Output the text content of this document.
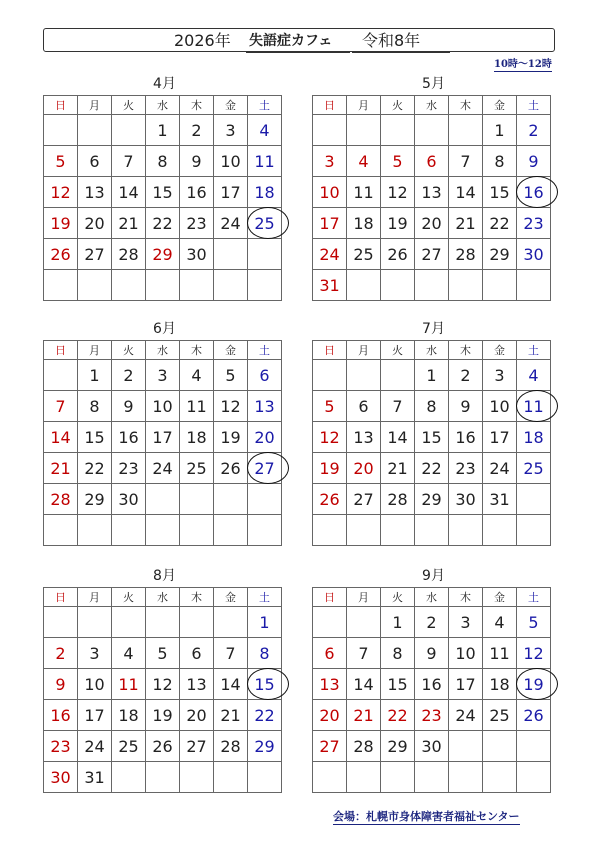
2026年 失語症カフェ 令和8年
10時～12時
4月
日	月	火	水	木	金	土
			1	2	3	4
5	6	7	8	9	10	11
12	13	14	15	16	17	18
19	20	21	22	23	24	25
26	27	28	29	30		

5月
日	月	火	水	木	金	土
					1	2
3	4	5	6	7	8	9
10	11	12	13	14	15	16
17	18	19	20	21	22	23
24	25	26	27	28	29	30
31						
6月
日	月	火	水	木	金	土
	1	2	3	4	5	6
7	8	9	10	11	12	13
14	15	16	17	18	19	20
21	22	23	24	25	26	27
28	29	30				

7月
日	月	火	水	木	金	土
			1	2	3	4
5	6	7	8	9	10	11
12	13	14	15	16	17	18
19	20	21	22	23	24	25
26	27	28	29	30	31	

8月
日	月	火	水	木	金	土
						1
2	3	4	5	6	7	8
9	10	11	12	13	14	15
16	17	18	19	20	21	22
23	24	25	26	27	28	29
30	31					
9月
日	月	火	水	木	金	土
		1	2	3	4	5
6	7	8	9	10	11	12
13	14	15	16	17	18	19
20	21	22	23	24	25	26
27	28	29	30			

会場：札幌市身体障害者福祉センター
